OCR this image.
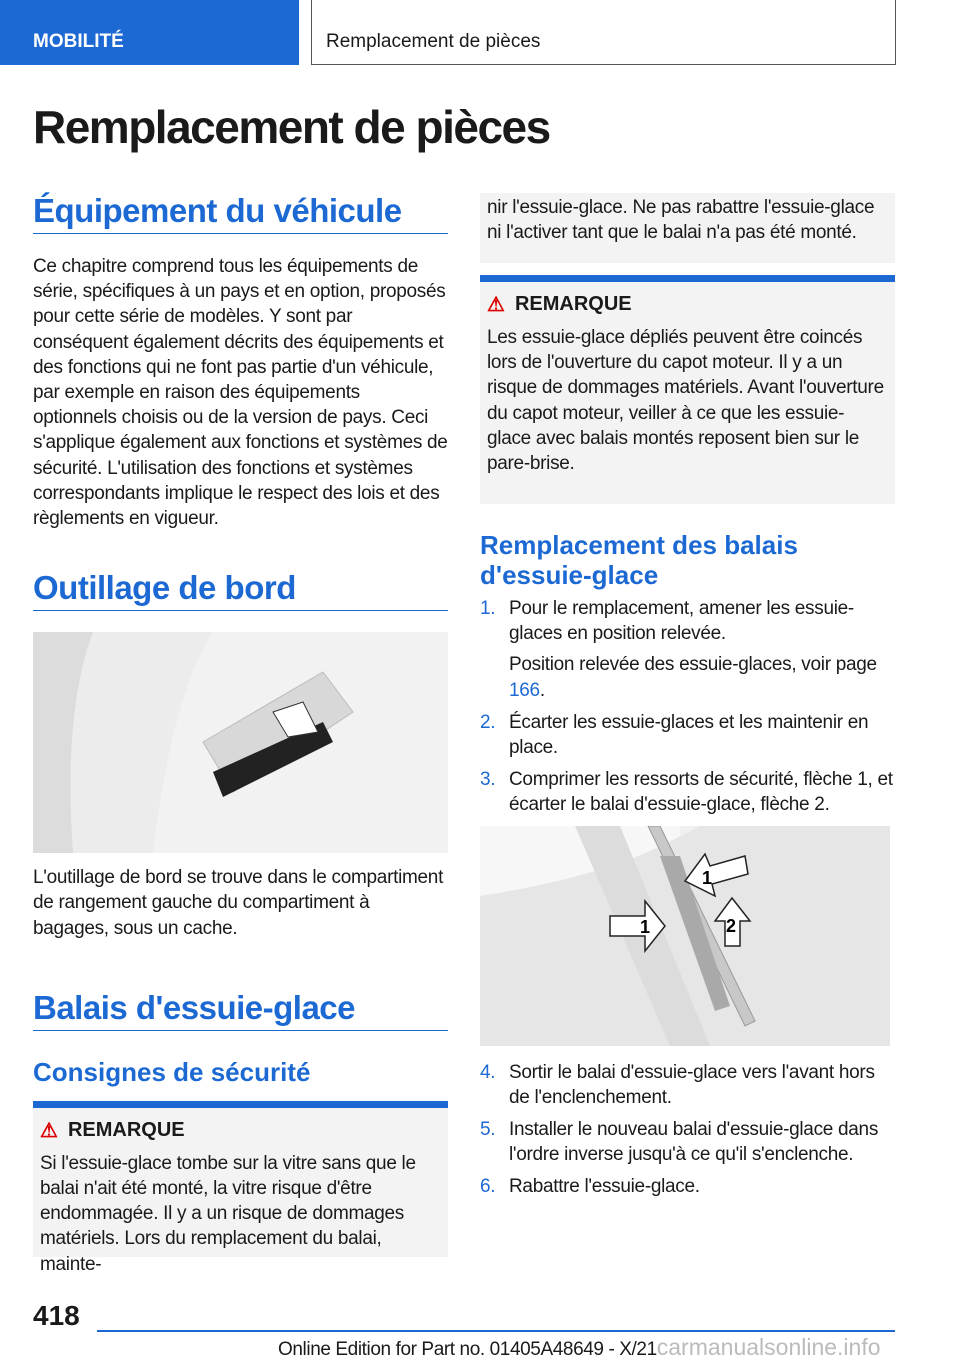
MOBILITÉ	Remplacement de pièces
Remplacement de pièces
Équipement du véhicule

Ce chapitre comprend tous les équipements de série, spécifiques à un pays et en option, proposés pour cette série de modèles. Y sont par conséquent également décrits des équipements et des fonctions qui ne font pas partie d'un véhicule, par exemple en raison des équipements optionnels choisis ou de la version de pays. Ceci s'applique également aux fonctions et systèmes de sécurité. L'utilisation des fonctions et systèmes correspondants implique le respect des lois et des règlements en vigueur.

Outillage de bord

L'outillage de bord se trouve dans le compartiment de rangement gauche du compartiment à bagages, sous un cache.

Balais d'essuie-glace
Consignes de sécurité
⚠ REMARQUE

Si l'essuie-glace tombe sur la vitre sans que le balai n'ait été monté, la vitre risque d'être endommagée. Il y a un risque de dommages matériels. Lors du remplacement du balai, mainte-

nir l'essuie-glace. Ne pas rabattre l'essuie-glace ni l'activer tant que le balai n'a pas été monté.

⚠ REMARQUE

Les essuie-glace dépliés peuvent être coincés lors de l'ouverture du capot moteur. Il y a un risque de dommages matériels. Avant l'ouverture du capot moteur, veiller à ce que les essuie-glace avec balais montés reposent bien sur le pare-brise.

Remplacement des balais d'essuie-glace
1. Pour le remplacement, amener les essuie-glaces en position relevée.

Position relevée des essuie-glaces, voir page 166.

2. Écarter les essuie-glaces et les maintenir en place.

3. Comprimer les ressorts de sécurité, flèche 1, et écarter le balai d'essuie-glace, flèche 2.

1
1
2
4. Sortir le balai d'essuie-glace vers l'avant hors de l'enclenchement.

5. Installer le nouveau balai d'essuie-glace dans l'ordre inverse jusqu'à ce qu'il s'enclenche.

6. Rabattre l'essuie-glace.

418
Online Edition for Part no. 01405A48649 - X/21carmanualsonline.info
